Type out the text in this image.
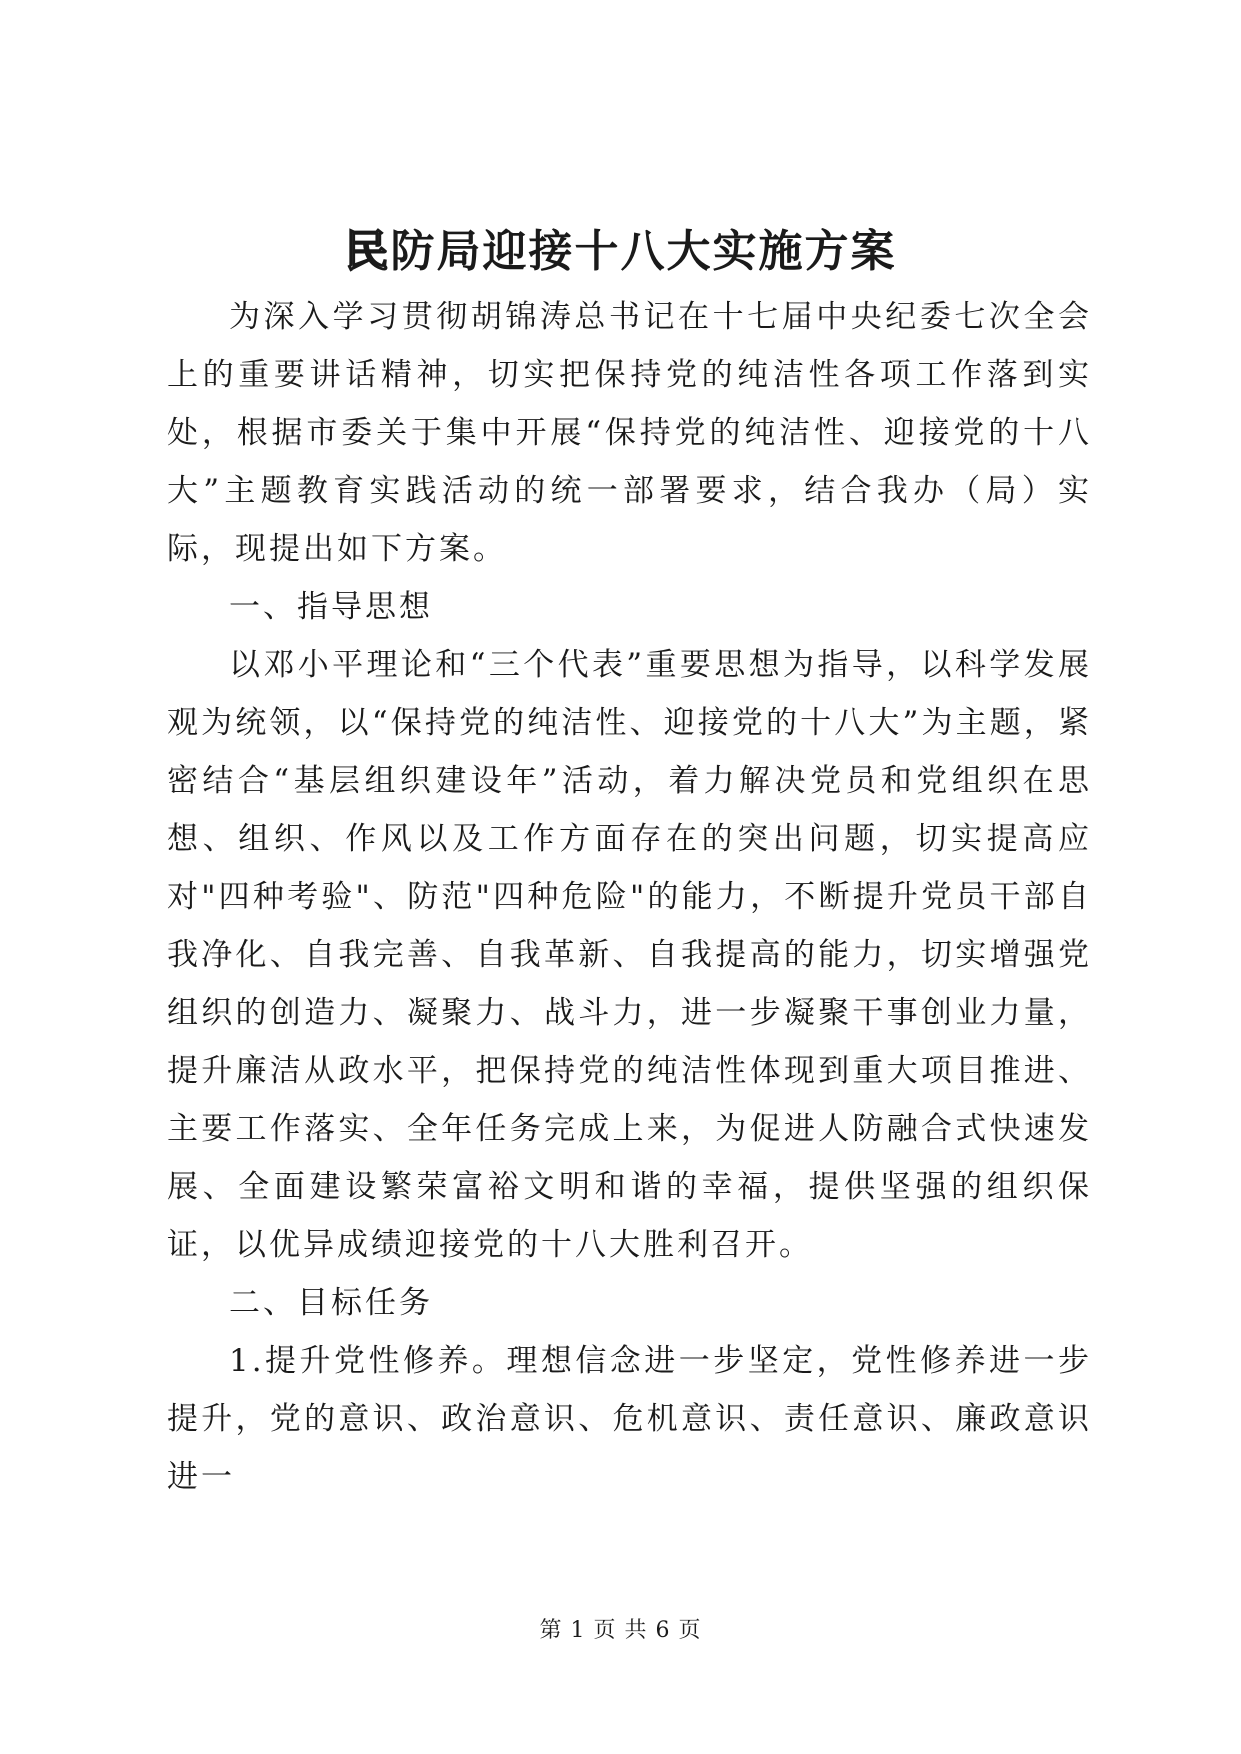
民防局迎接十八大实施方案

为深入学习贯彻胡锦涛总书记在十七届中央纪委七次全会上的重要讲话精神，切实把保持党的纯洁性各项工作落到实处，根据市委关于集中开展“保持党的纯洁性、迎接党的十八大”主题教育实践活动的统一部署要求，结合我办（局）实际，现提出如下方案。

一、指导思想

以邓小平理论和“三个代表”重要思想为指导，以科学发展观为统领，以“保持党的纯洁性、迎接党的十八大”为主题，紧密结合“基层组织建设年”活动，着力解决党员和党组织在思想、组织、作风以及工作方面存在的突出问题，切实提高应对"四种考验"、防范"四种危险"的能力，不断提升党员干部自我净化、自我完善、自我革新、自我提高的能力，切实增强党组织的创造力、凝聚力、战斗力，进一步凝聚干事创业力量，提升廉洁从政水平，把保持党的纯洁性体现到重大项目推进、主要工作落实、全年任务完成上来，为促进人防融合式快速发展、全面建设繁荣富裕文明和谐的幸福，提供坚强的组织保证，以优异成绩迎接党的十八大胜利召开。

二、目标任务

1.提升党性修养。理想信念进一步坚定，党性修养进一步提升，党的意识、政治意识、危机意识、责任意识、廉政意识进一

第 1 页 共 6 页
